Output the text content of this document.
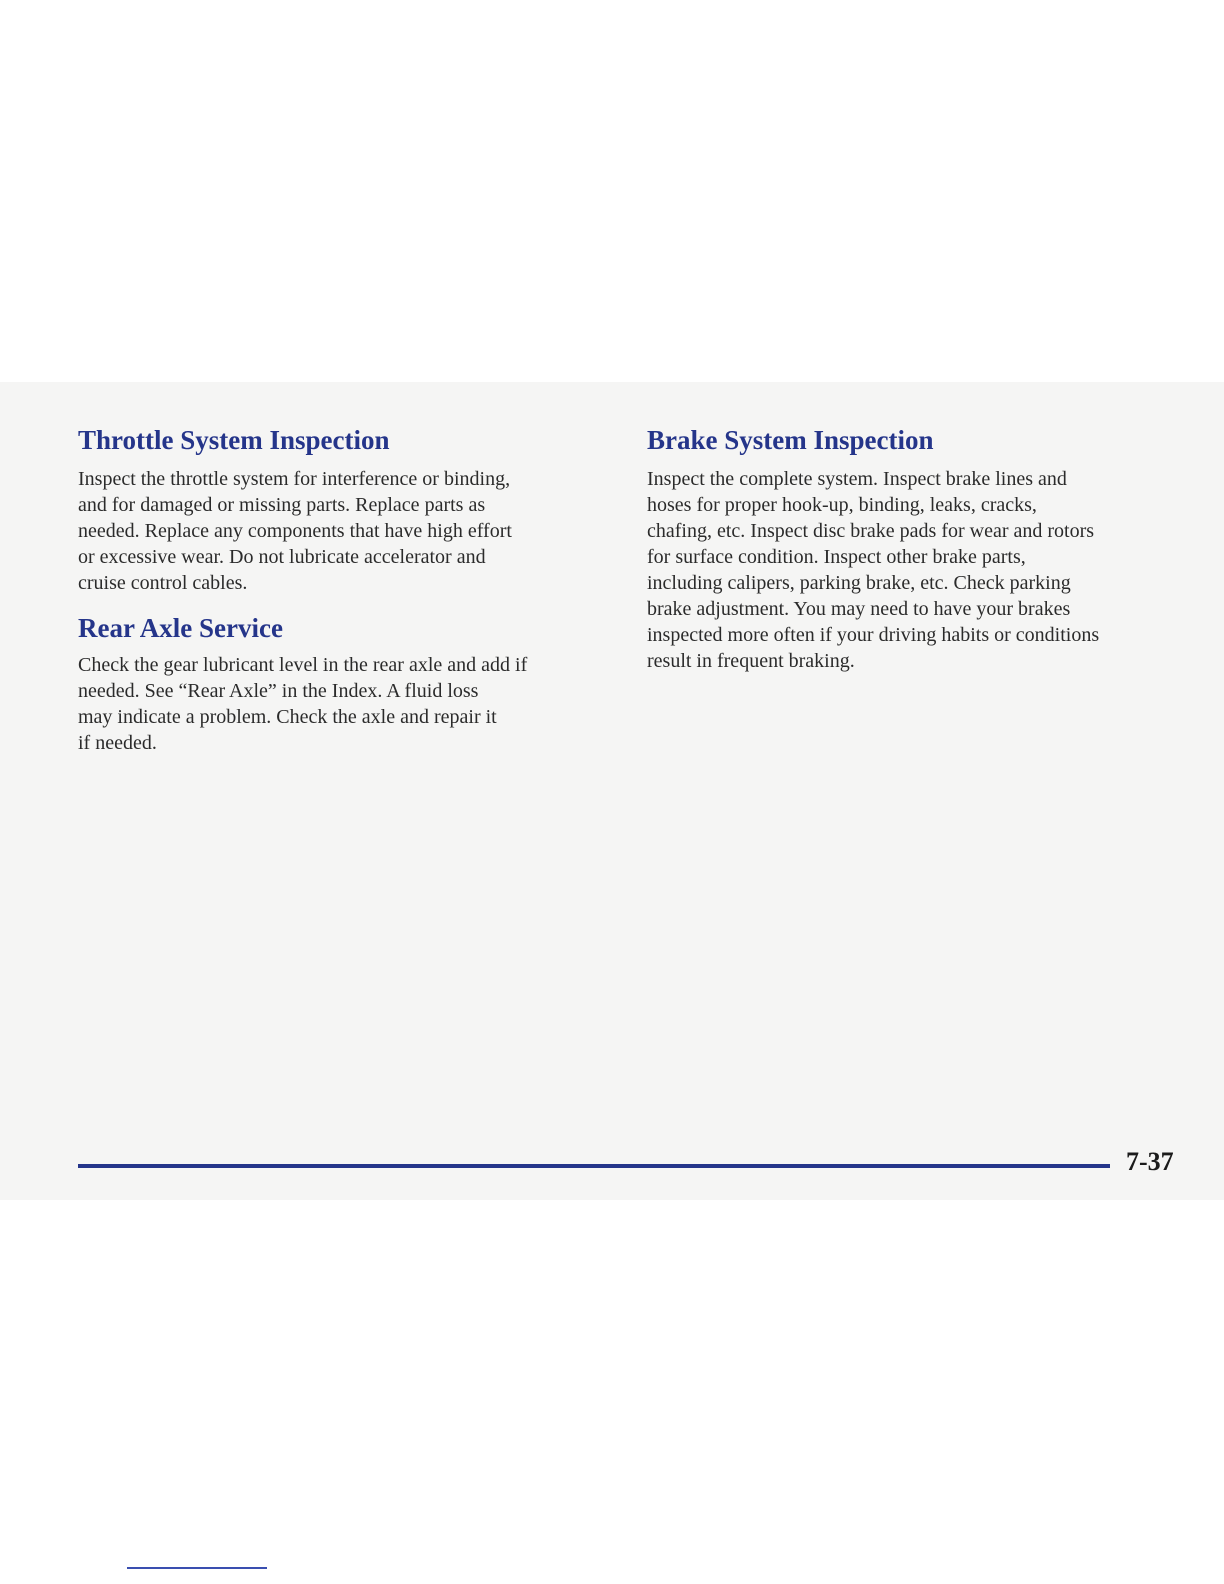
Throttle System Inspection

Inspect the throttle system for interference or binding,
and for damaged or missing parts. Replace parts as
needed. Replace any components that have high effort
or excessive wear. Do not lubricate accelerator and
cruise control cables.

Rear Axle Service

Check the gear lubricant level in the rear axle and add if
needed. See “Rear Axle” in the Index. A fluid loss
may indicate a problem. Check the axle and repair it
if needed.

Brake System Inspection

Inspect the complete system. Inspect brake lines and
hoses for proper hook-up, binding, leaks, cracks,
chafing, etc. Inspect disc brake pads for wear and rotors
for surface condition. Inspect other brake parts,
including calipers, parking brake, etc. Check parking
brake adjustment. You may need to have your brakes
inspected more often if your driving habits or conditions
result in frequent braking.

7-37
